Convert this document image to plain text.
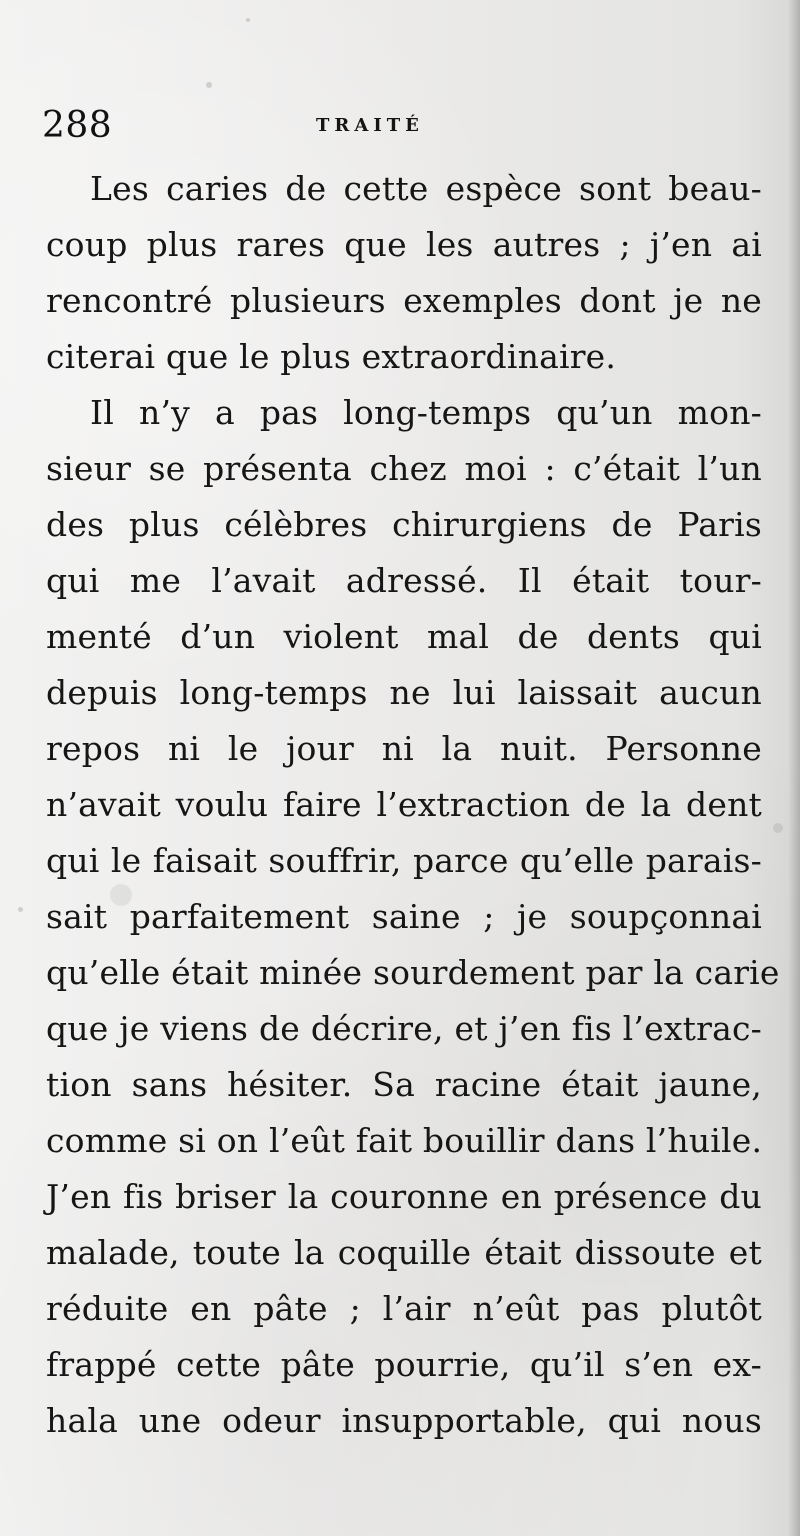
288	TRAITÉ
Les caries de cette espèce sont beau-
coup plus rares que les autres ; j’en ai
rencontré plusieurs exemples dont je ne
citerai que le plus extraordinaire.
Il n’y a pas long-temps qu’un mon-
sieur se présenta chez moi : c’était l’un
des plus célèbres chirurgiens de Paris
qui me l’avait adressé. Il était tour-
menté d’un violent mal de dents qui
depuis long-temps ne lui laissait aucun
repos ni le jour ni la nuit. Personne
n’avait voulu faire l’extraction de la dent
qui le faisait souffrir, parce qu’elle parais-
sait parfaitement saine ; je soupçonnai
qu’elle était minée sourdement par la carie
que je viens de décrire, et j’en fis l’extrac-
tion sans hésiter. Sa racine était jaune,
comme si on l’eût fait bouillir dans l’huile.
J’en fis briser la couronne en présence du
malade, toute la coquille était dissoute et
réduite en pâte ; l’air n’eût pas plutôt
frappé cette pâte pourrie, qu’il s’en ex-
hala une odeur insupportable, qui nous
